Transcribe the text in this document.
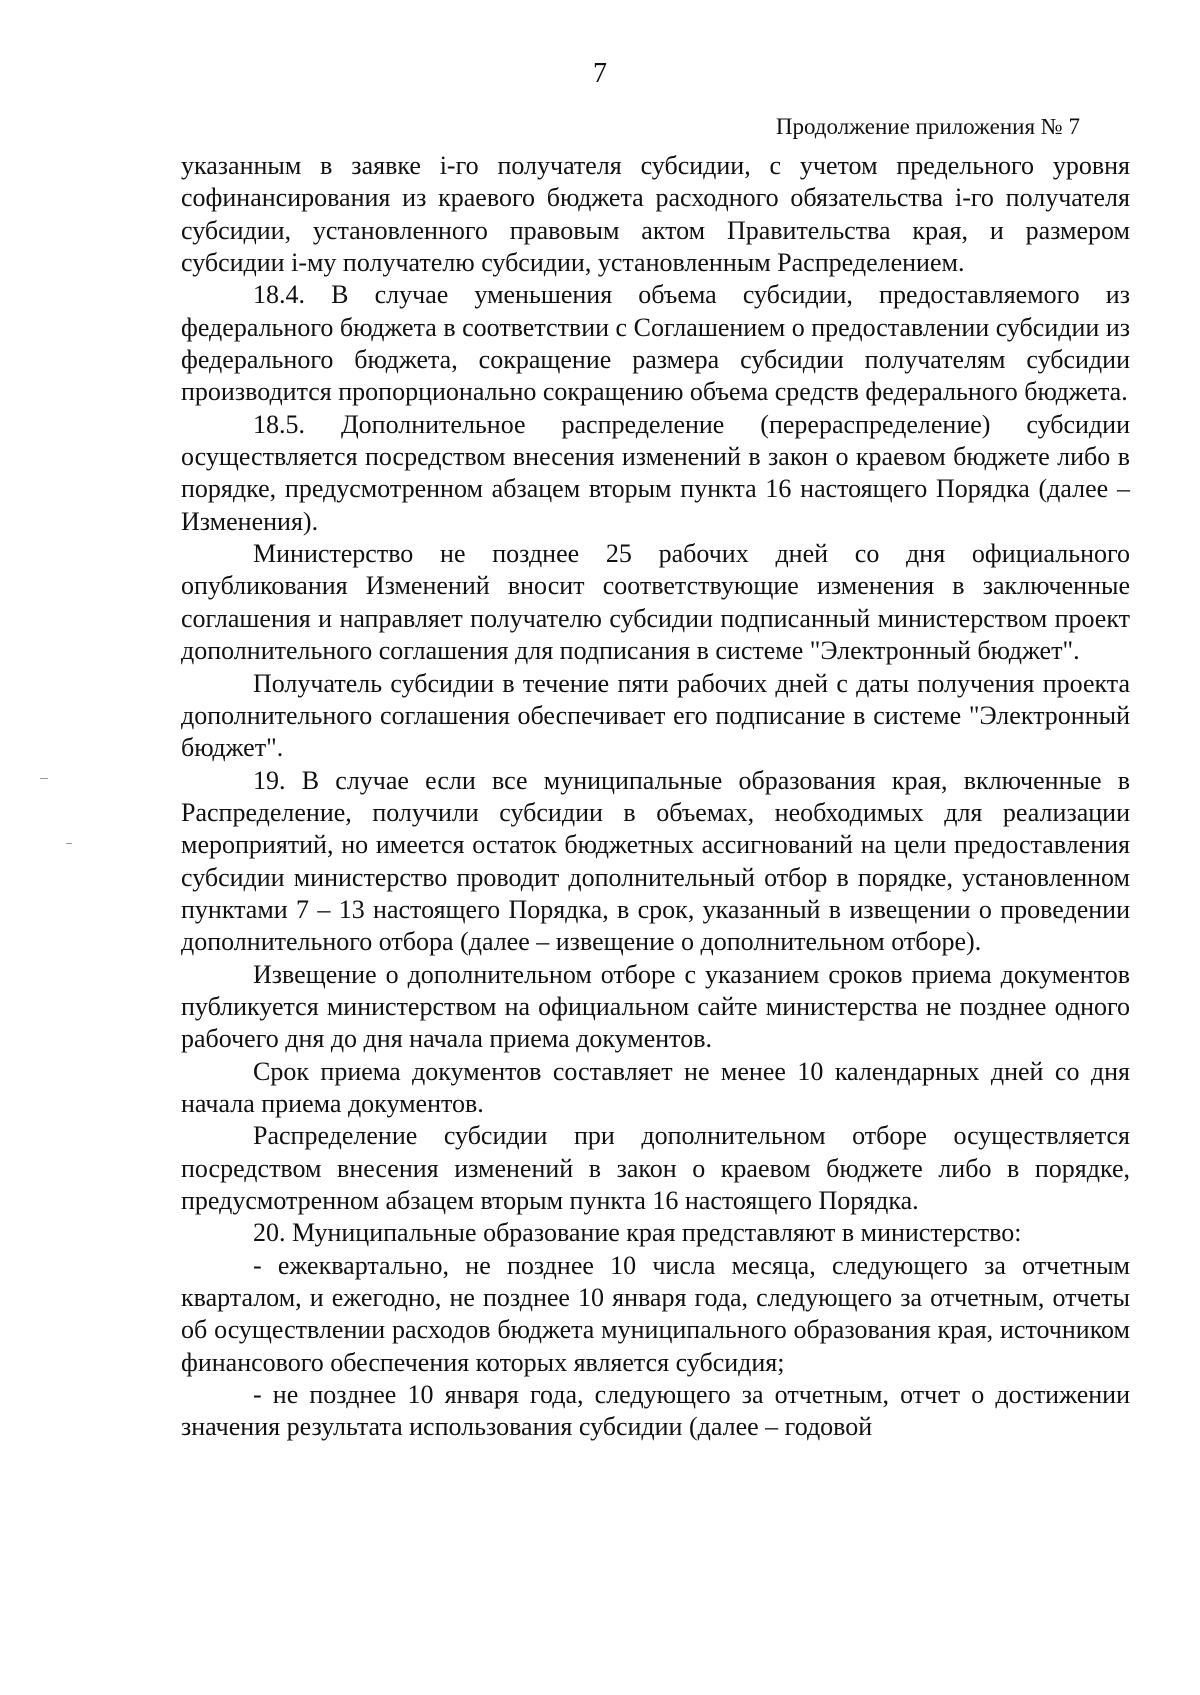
7
Продолжение приложения № 7

указанным в заявке i-го получателя субсидии, с учетом предельного уровня софинансирования из краевого бюджета расходного обязательства i-го получателя субсидии, установленного правовым актом Правительства края, и размером субсидии i-му получателю субсидии, установленным Распределением.

18.4. В случае уменьшения объема субсидии, предоставляемого из федерального бюджета в соответствии с Соглашением о предоставлении субсидии из федерального бюджета, сокращение размера субсидии получателям субсидии производится пропорционально сокращению объема средств федерального бюджета.

18.5. Дополнительное распределение (перераспределение) субсидии осуществляется посредством внесения изменений в закон о краевом бюджете либо в порядке, предусмотренном абзацем вторым пункта 16 настоящего Порядка (далее – Изменения).

Министерство не позднее 25 рабочих дней со дня официального опубликования Изменений вносит соответствующие изменения в заключенные соглашения и направляет получателю субсидии подписанный министерством проект дополнительного соглашения для подписания в системе "Электронный бюджет".

Получатель субсидии в течение пяти рабочих дней с даты получения проекта дополнительного соглашения обеспечивает его подписание в системе "Электронный бюджет".

19. В случае если все муниципальные образования края, включенные в Распределение, получили субсидии в объемах, необходимых для реализации мероприятий, но имеется остаток бюджетных ассигнований на цели предоставления субсидии министерство проводит дополнительный отбор в порядке, установленном пунктами 7 – 13 настоящего Порядка, в срок, указанный в извещении о проведении дополнительного отбора (далее – извещение о дополнительном отборе).

Извещение о дополнительном отборе с указанием сроков приема документов публикуется министерством на официальном сайте министерства не позднее одного рабочего дня до дня начала приема документов.

Срок приема документов составляет не менее 10 календарных дней со дня начала приема документов.

Распределение субсидии при дополнительном отборе осуществляется посредством внесения изменений в закон о краевом бюджете либо в порядке, предусмотренном абзацем вторым пункта 16 настоящего Порядка.

20. Муниципальные образование края представляют в министерство:

- ежеквартально, не позднее 10 числа месяца, следующего за отчетным кварталом, и ежегодно, не позднее 10 января года, следующего за отчетным, отчеты об осуществлении расходов бюджета муниципального образования края, источником финансового обеспечения которых является субсидия;

- не позднее 10 января года, следующего за отчетным, отчет о достижении значения результата использования субсидии (далее – годовой
